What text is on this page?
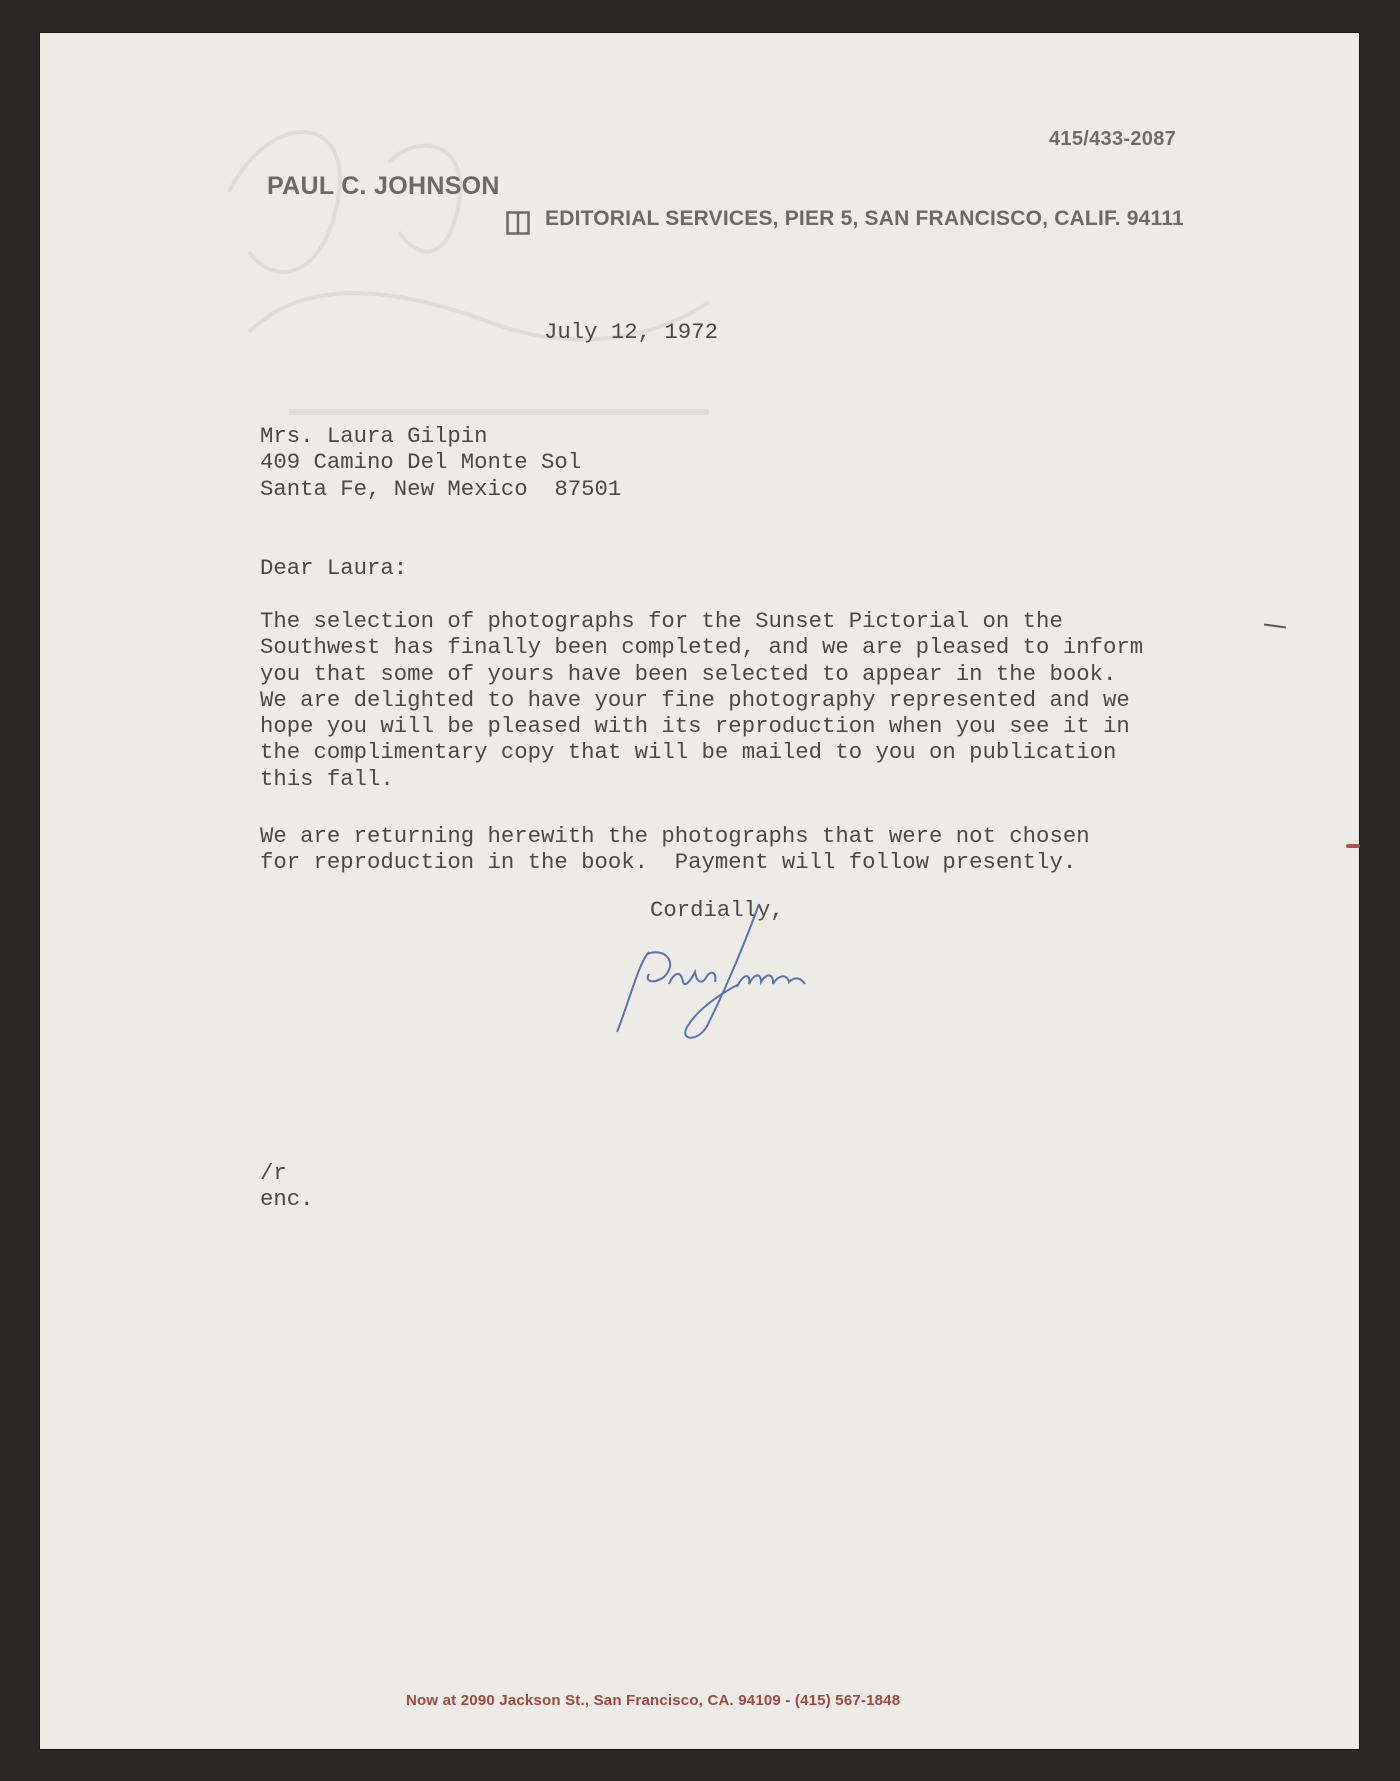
415/433-2087
PAUL C. JOHNSON
EDITORIAL SERVICES, PIER 5, SAN FRANCISCO, CALIF. 94111
July 12, 1972
Mrs. Laura Gilpin
409 Camino Del Monte Sol
Santa Fe, New Mexico  87501
Dear Laura:
The selection of photographs for the Sunset Pictorial on the
Southwest has finally been completed, and we are pleased to inform
you that some of yours have been selected to appear in the book.
We are delighted to have your fine photography represented and we
hope you will be pleased with its reproduction when you see it in
the complimentary copy that will be mailed to you on publication
this fall.
We are returning herewith the photographs that were not chosen
for reproduction in the book.  Payment will follow presently.
Cordially,
/r
enc.
Now at 2090 Jackson St., San Francisco, CA. 94109 - (415) 567-1848
